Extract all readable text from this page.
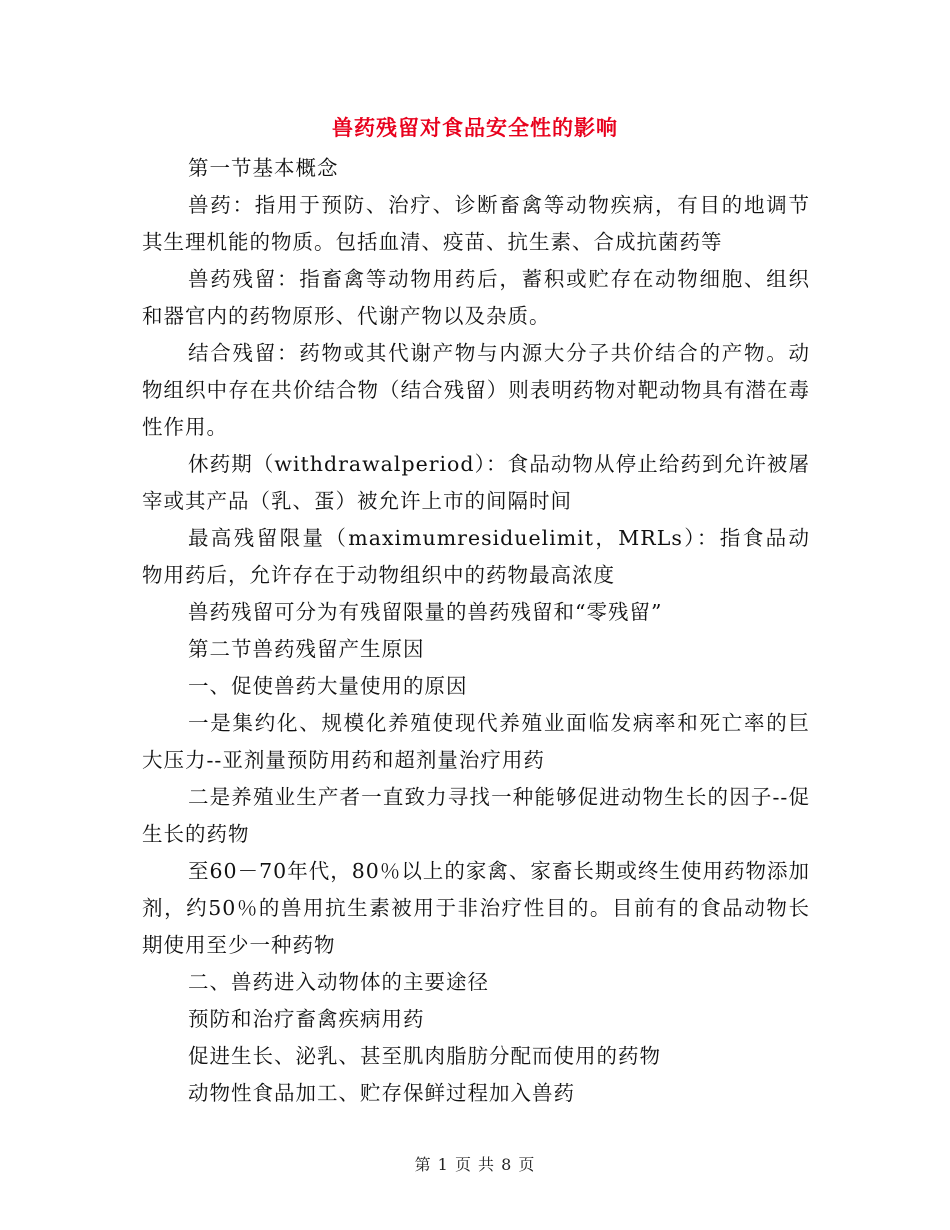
兽药残留对食品安全性的影响

第一节基本概念

兽药：指用于预防、治疗、诊断畜禽等动物疾病，有目的地调节其生理机能的物质。包括血清、疫苗、抗生素、合成抗菌药等

兽药残留：指畜禽等动物用药后，蓄积或贮存在动物细胞、组织和器官内的药物原形、代谢产物以及杂质。

结合残留：药物或其代谢产物与内源大分子共价结合的产物。动物组织中存在共价结合物（结合残留）则表明药物对靶动物具有潜在毒性作用。

休药期（withdrawalperiod）：食品动物从停止给药到允许被屠宰或其产品（乳、蛋）被允许上市的间隔时间

最高残留限量（maximumresiduelimit，MRLs）：指食品动物用药后，允许存在于动物组织中的药物最高浓度

兽药残留可分为有残留限量的兽药残留和“零残留”

第二节兽药残留产生原因

一、促使兽药大量使用的原因

一是集约化、规模化养殖使现代养殖业面临发病率和死亡率的巨大压力--亚剂量预防用药和超剂量治疗用药

二是养殖业生产者一直致力寻找一种能够促进动物生长的因子--促生长的药物

至60－70年代，80％以上的家禽、家畜长期或终生使用药物添加剂，约50％的兽用抗生素被用于非治疗性目的。目前有的食品动物长期使用至少一种药物

二、兽药进入动物体的主要途径

预防和治疗畜禽疾病用药

促进生长、泌乳、甚至肌肉脂肪分配而使用的药物

动物性食品加工、贮存保鲜过程加入兽药

第 1 页 共 8 页
